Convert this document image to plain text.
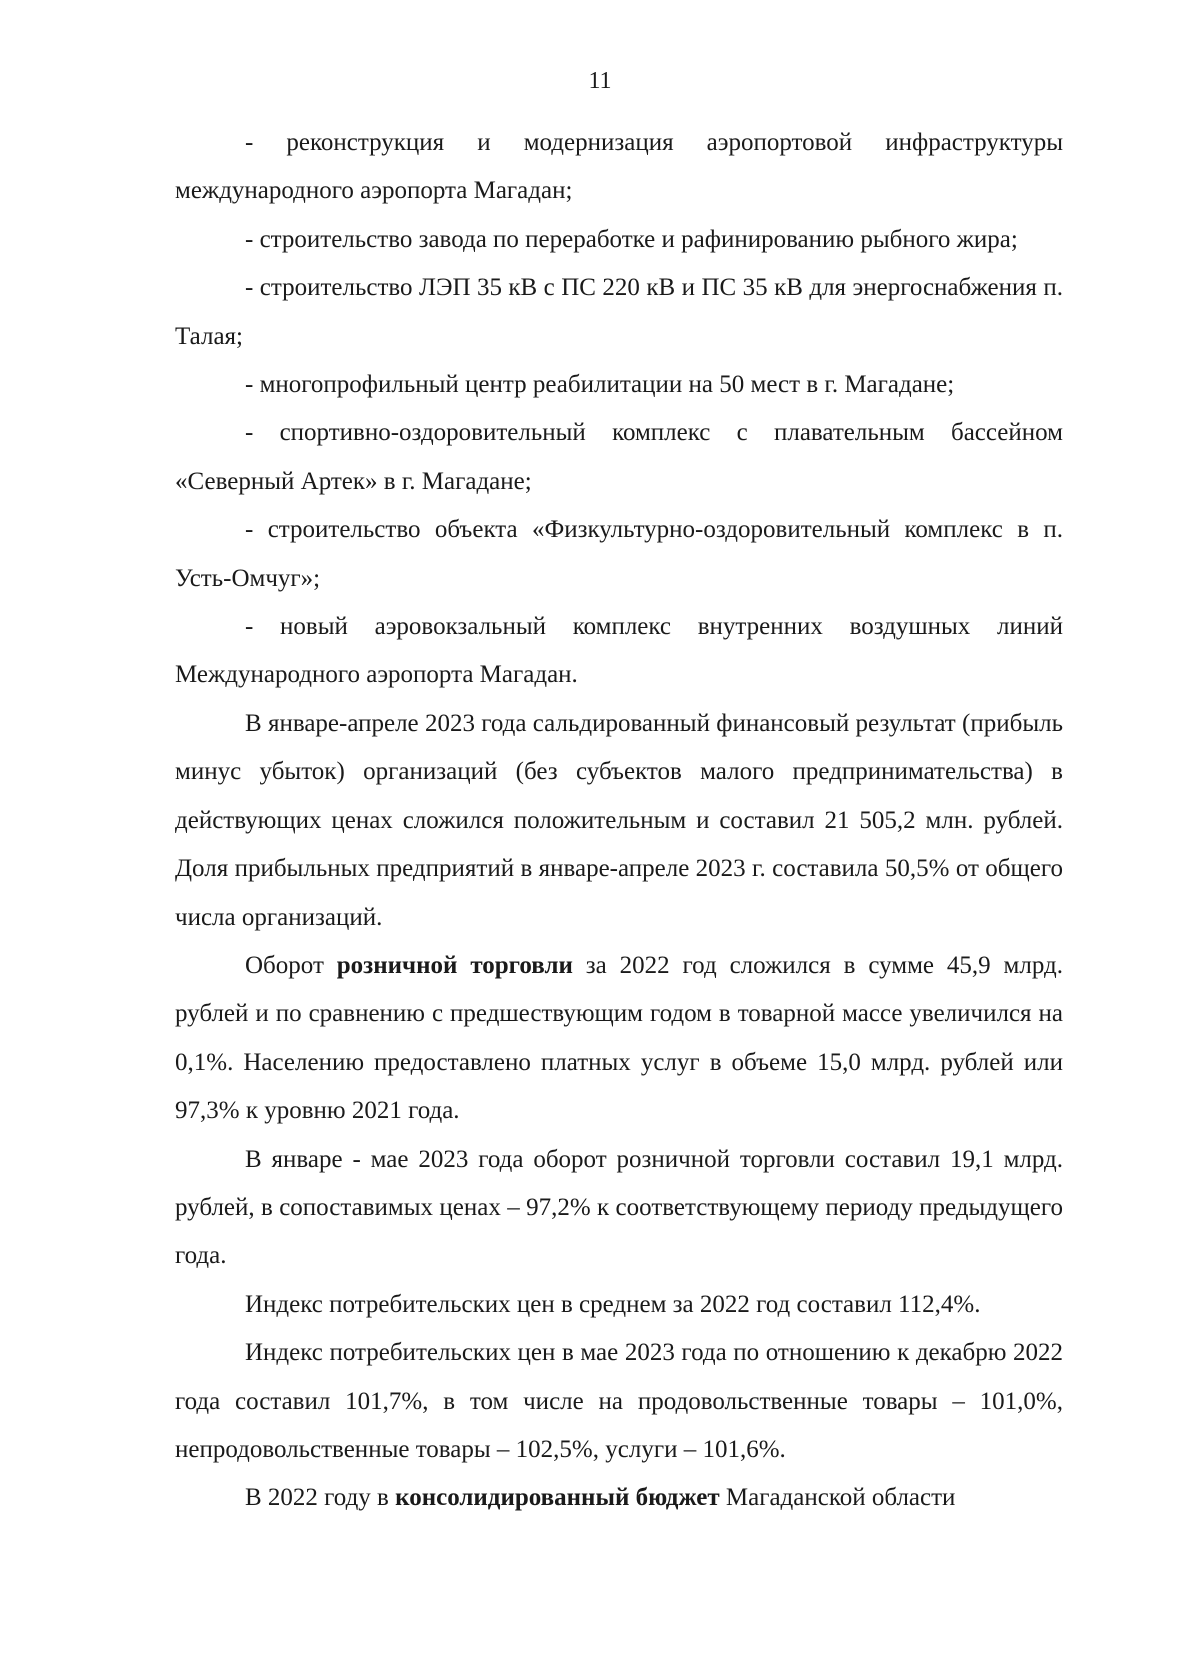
11

- реконструкция и модернизация аэропортовой инфраструктуры международного аэропорта Магадан;

- строительство завода по переработке и рафинированию рыбного жира;

- строительство ЛЭП 35 кВ с ПС 220 кВ и ПС 35 кВ для энергоснабжения п. Талая;

- многопрофильный центр реабилитации на 50 мест в г. Магадане;

- спортивно-оздоровительный комплекс с плавательным бассейном «Северный Артек» в г. Магадане;

- строительство объекта «Физкультурно-оздоровительный комплекс в п. Усть-Омчуг»;

- новый аэровокзальный комплекс внутренних воздушных линий Международного аэропорта Магадан.

В январе-апреле 2023 года сальдированный финансовый результат (прибыль минус убыток) организаций (без субъектов малого предпринимательства) в действующих ценах сложился положительным и составил 21 505,2 млн. рублей. Доля прибыльных предприятий в январе-апреле 2023 г. составила 50,5% от общего числа организаций.

Оборот розничной торговли за 2022 год сложился в сумме 45,9 млрд. рублей и по сравнению с предшествующим годом в товарной массе увеличился на 0,1%. Населению предоставлено платных услуг в объеме 15,0 млрд. рублей или 97,3% к уровню 2021 года.

В январе - мае 2023 года оборот розничной торговли составил 19,1 млрд. рублей, в сопоставимых ценах – 97,2% к соответствующему периоду предыдущего года.

Индекс потребительских цен в среднем за 2022 год составил 112,4%.

Индекс потребительских цен в мае 2023 года по отношению к декабрю 2022 года составил 101,7%, в том числе на продовольственные товары – 101,0%, непродовольственные товары – 102,5%, услуги – 101,6%.

В 2022 году в консолидированный бюджет Магаданской области
